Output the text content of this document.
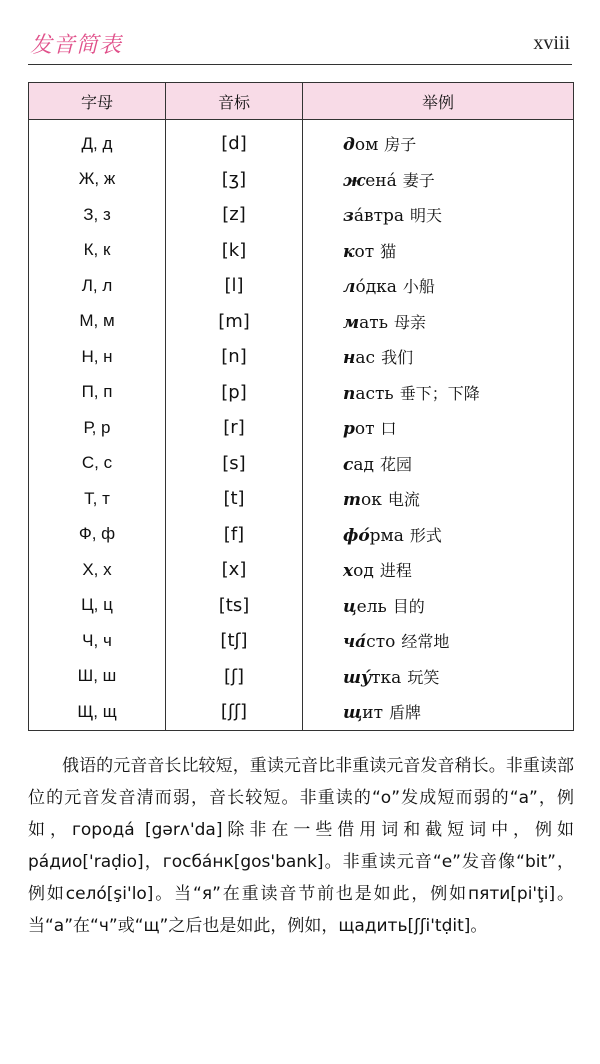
发音简表	xviii
字母	音标	举例
Д, д	[d]	дом 房子
Ж, ж	[ʒ]	жена́ 妻子
З, з	[z]	за́втра 明天
К, к	[k]	кот 猫
Л, л	[l]	ло́дка 小船
М, м	[m]	мать 母亲
Н, н	[n]	нас 我们
П, п	[p]	пасть 垂下；下降
Р, р	[r]	рот 口
С, с	[s]	сад 花园
Т, т	[t]	ток 电流
Ф, ф	[f]	фо́рма 形式
Х, х	[x]	ход 进程
Ц, ц	[ts]	цель 目的
Ч, ч	[tʃ]	ча́сто 经常地
Ш, ш	[ʃ]	шу́тка 玩笑
Щ, щ	[ʃʃ]	щит 盾牌

俄语的元音音长比较短，重读元音比非重读元音发音稍长。非重读部位的元音发音清而弱，音长较短。非重读的“о”发成短而弱的“а”，例如，города́ [gərʌ'da]除非在一些借用词和截短词中，例如ра́дио['raḍio]，госба́нк[gos'bank]。非重读元音“е”发音像“bit”，例如село́[şi'lo]。当“я”在重读音节前也是如此，例如пяти[pi'ţi]。当“а”在“ч”或“щ”之后也是如此，例如，щадить[ʃʃi'tḍit]。
